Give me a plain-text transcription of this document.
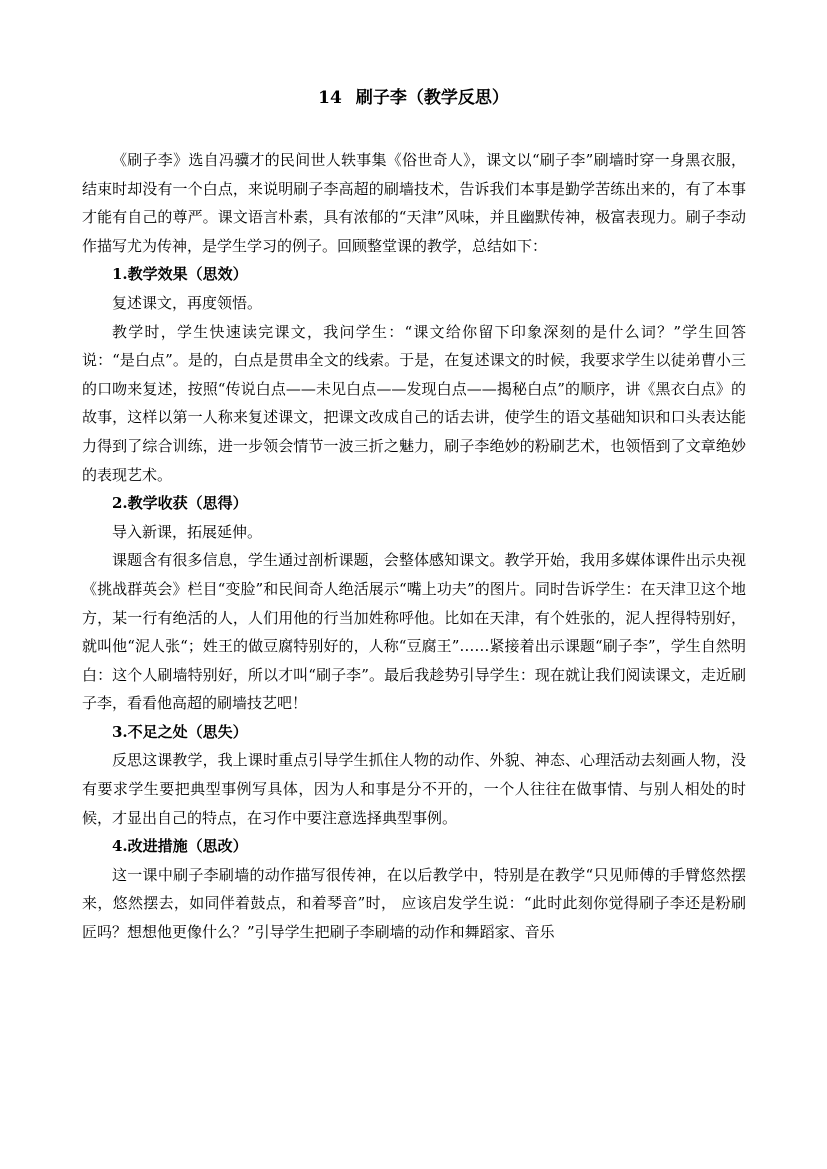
14 刷子李（教学反思）

《刷子李》选自冯骥才的民间世人轶事集《俗世奇人》，课文以“刷子李”刷墙时穿一身黑衣服，结束时却没有一个白点，来说明刷子李高超的刷墙技术，告诉我们本事是勤学苦练出来的，有了本事才能有自己的尊严。课文语言朴素，具有浓郁的“天津”风味，并且幽默传神，极富表现力。刷子李动作描写尤为传神，是学生学习的例子。回顾整堂课的教学，总结如下：

1.教学效果（思效）

复述课文，再度领悟。

教学时，学生快速读完课文，我问学生：“课文给你留下印象深刻的是什么词？”学生回答说：“是白点”。是的，白点是贯串全文的线索。于是，在复述课文的时候，我要求学生以徒弟曹小三的口吻来复述，按照“传说白点——未见白点——发现白点——揭秘白点”的顺序，讲《黑衣白点》的故事，这样以第一人称来复述课文，把课文改成自己的话去讲，使学生的语文基础知识和口头表达能力得到了综合训练，进一步领会情节一波三折之魅力，刷子李绝妙的粉刷艺术，也领悟到了文章绝妙的表现艺术。

2.教学收获（思得）

导入新课，拓展延伸。

课题含有很多信息，学生通过剖析课题，会整体感知课文。教学开始，我用多媒体课件出示央视《挑战群英会》栏目“变脸”和民间奇人绝活展示“嘴上功夫”的图片。同时告诉学生：在天津卫这个地方，某一行有绝活的人，人们用他的行当加姓称呼他。比如在天津，有个姓张的，泥人捏得特别好，就叫他“泥人张“；姓王的做豆腐特别好的，人称“豆腐王”……紧接着出示课题“刷子李”，学生自然明白：这个人刷墙特别好，所以才叫“刷子李”。最后我趁势引导学生：现在就让我们阅读课文，走近刷子李，看看他高超的刷墙技艺吧！

3.不足之处（思失）

反思这课教学，我上课时重点引导学生抓住人物的动作、外貌、神态、心理活动去刻画人物，没有要求学生要把典型事例写具体，因为人和事是分不开的，一个人往往在做事情、与别人相处的时候，才显出自己的特点，在习作中要注意选择典型事例。

4.改进措施（思改）

这一课中刷子李刷墙的动作描写很传神，在以后教学中，特别是在教学“只见师傅的手臂悠然摆来，悠然摆去，如同伴着鼓点，和着琴音”时， 应该启发学生说：“此时此刻你觉得刷子李还是粉刷匠吗？想想他更像什么？”引导学生把刷子李刷墙的动作和舞蹈家、音乐
